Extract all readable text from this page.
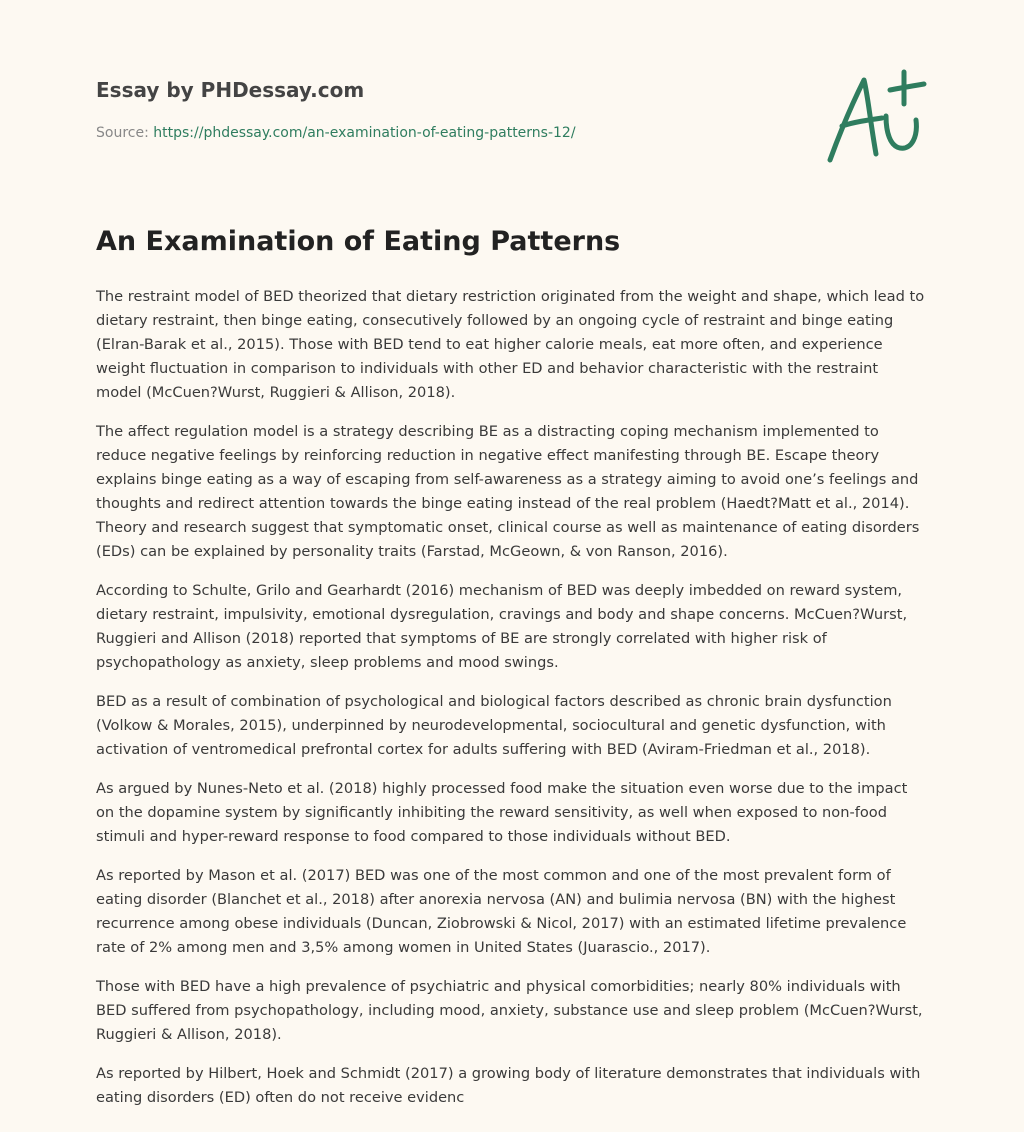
Essay by PHDessay.com

Source: https://phdessay.com/an-examination-of-eating-patterns-12/

An Examination of Eating Patterns

The restraint model of BED theorized that dietary restriction originated from the weight and shape, which lead to dietary restraint, then binge eating, consecutively followed by an ongoing cycle of restraint and binge eating (Elran-Barak et al., 2015). Those with BED tend to eat higher calorie meals, eat more often, and experience weight fluctuation in comparison to individuals with other ED and behavior characteristic with the restraint model (McCuen?Wurst, Ruggieri & Allison, 2018).

The affect regulation model is a strategy describing BE as a distracting coping mechanism implemented to reduce negative feelings by reinforcing reduction in negative effect manifesting through BE. Escape theory explains binge eating as a way of escaping from self-awareness as a strategy aiming to avoid one’s feelings and thoughts and redirect attention towards the binge eating instead of the real problem (Haedt?Matt et al., 2014). Theory and research suggest that symptomatic onset, clinical course as well as maintenance of eating disorders (EDs) can be explained by personality traits (Farstad, McGeown, & von Ranson, 2016).

According to Schulte, Grilo and Gearhardt (2016) mechanism of BED was deeply imbedded on reward system, dietary restraint, impulsivity, emotional dysregulation, cravings and body and shape concerns. McCuen?Wurst, Ruggieri and Allison (2018) reported that symptoms of BE are strongly correlated with higher risk of psychopathology as anxiety, sleep problems and mood swings.

BED as a result of combination of psychological and biological factors described as chronic brain dysfunction (Volkow & Morales, 2015), underpinned by neurodevelopmental, sociocultural and genetic dysfunction, with activation of ventromedical prefrontal cortex for adults suffering with BED (Aviram-Friedman et al., 2018).

As argued by Nunes-Neto et al. (2018) highly processed food make the situation even worse due to the impact on the dopamine system by significantly inhibiting the reward sensitivity, as well when exposed to non-food stimuli and hyper-reward response to food compared to those individuals without BED.

As reported by Mason et al. (2017) BED was one of the most common and one of the most prevalent form of eating disorder (Blanchet et al., 2018) after anorexia nervosa (AN) and bulimia nervosa (BN) with the highest recurrence among obese individuals (Duncan, Ziobrowski & Nicol, 2017) with an estimated lifetime prevalence rate of 2% among men and 3,5% among women in United States (Juarascio., 2017).

Those with BED have a high prevalence of psychiatric and physical comorbidities; nearly 80% individuals with BED suffered from psychopathology, including mood, anxiety, substance use and sleep problem (McCuen?Wurst, Ruggieri & Allison, 2018).

As reported by Hilbert, Hoek and Schmidt (2017) a growing body of literature demonstrates that individuals with eating disorders (ED) often do not receive evidenc
